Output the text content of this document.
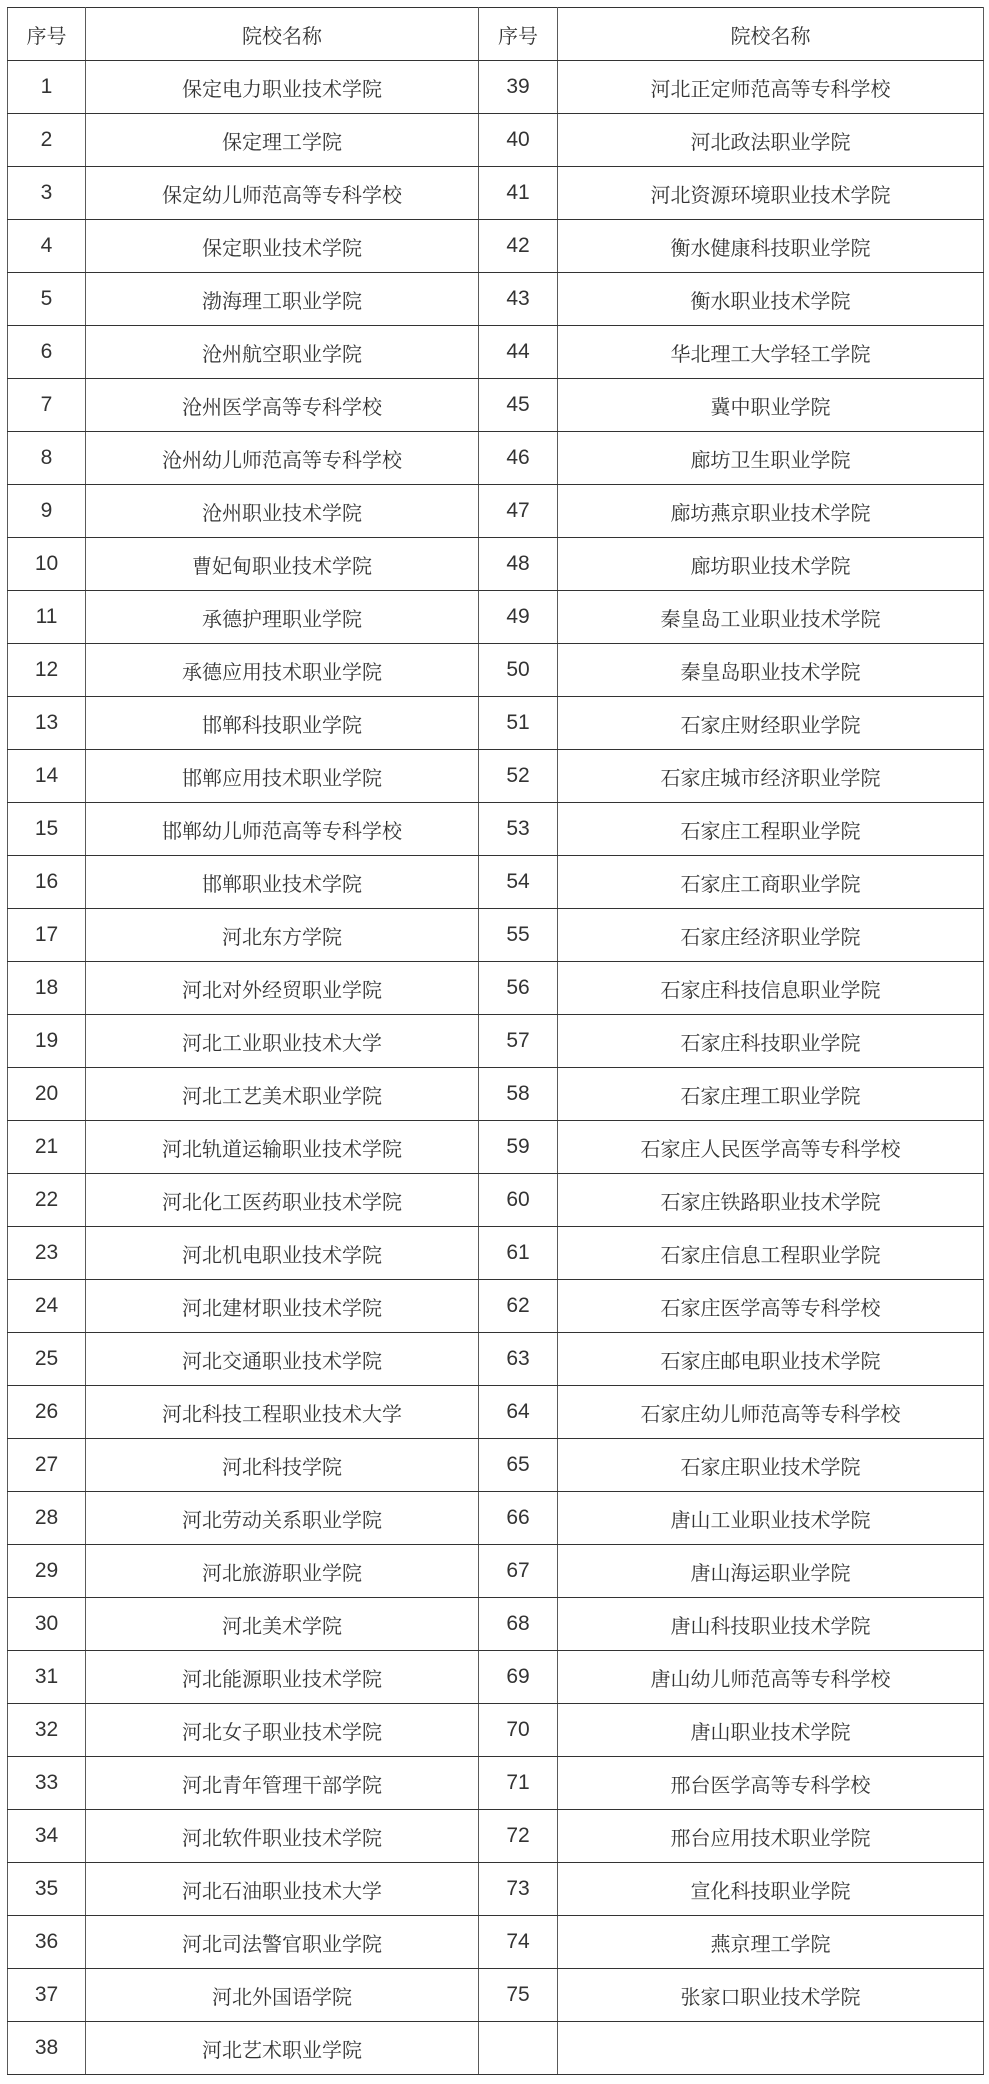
序号	院校名称	序号	院校名称
1	保定电力职业技术学院	39	河北正定师范高等专科学校
2	保定理工学院	40	河北政法职业学院
3	保定幼儿师范高等专科学校	41	河北资源环境职业技术学院
4	保定职业技术学院	42	衡水健康科技职业学院
5	渤海理工职业学院	43	衡水职业技术学院
6	沧州航空职业学院	44	华北理工大学轻工学院
7	沧州医学高等专科学校	45	冀中职业学院
8	沧州幼儿师范高等专科学校	46	廊坊卫生职业学院
9	沧州职业技术学院	47	廊坊燕京职业技术学院
10	曹妃甸职业技术学院	48	廊坊职业技术学院
11	承德护理职业学院	49	秦皇岛工业职业技术学院
12	承德应用技术职业学院	50	秦皇岛职业技术学院
13	邯郸科技职业学院	51	石家庄财经职业学院
14	邯郸应用技术职业学院	52	石家庄城市经济职业学院
15	邯郸幼儿师范高等专科学校	53	石家庄工程职业学院
16	邯郸职业技术学院	54	石家庄工商职业学院
17	河北东方学院	55	石家庄经济职业学院
18	河北对外经贸职业学院	56	石家庄科技信息职业学院
19	河北工业职业技术大学	57	石家庄科技职业学院
20	河北工艺美术职业学院	58	石家庄理工职业学院
21	河北轨道运输职业技术学院	59	石家庄人民医学高等专科学校
22	河北化工医药职业技术学院	60	石家庄铁路职业技术学院
23	河北机电职业技术学院	61	石家庄信息工程职业学院
24	河北建材职业技术学院	62	石家庄医学高等专科学校
25	河北交通职业技术学院	63	石家庄邮电职业技术学院
26	河北科技工程职业技术大学	64	石家庄幼儿师范高等专科学校
27	河北科技学院	65	石家庄职业技术学院
28	河北劳动关系职业学院	66	唐山工业职业技术学院
29	河北旅游职业学院	67	唐山海运职业学院
30	河北美术学院	68	唐山科技职业技术学院
31	河北能源职业技术学院	69	唐山幼儿师范高等专科学校
32	河北女子职业技术学院	70	唐山职业技术学院
33	河北青年管理干部学院	71	邢台医学高等专科学校
34	河北软件职业技术学院	72	邢台应用技术职业学院
35	河北石油职业技术大学	73	宣化科技职业学院
36	河北司法警官职业学院	74	燕京理工学院
37	河北外国语学院	75	张家口职业技术学院
38	河北艺术职业学院		
